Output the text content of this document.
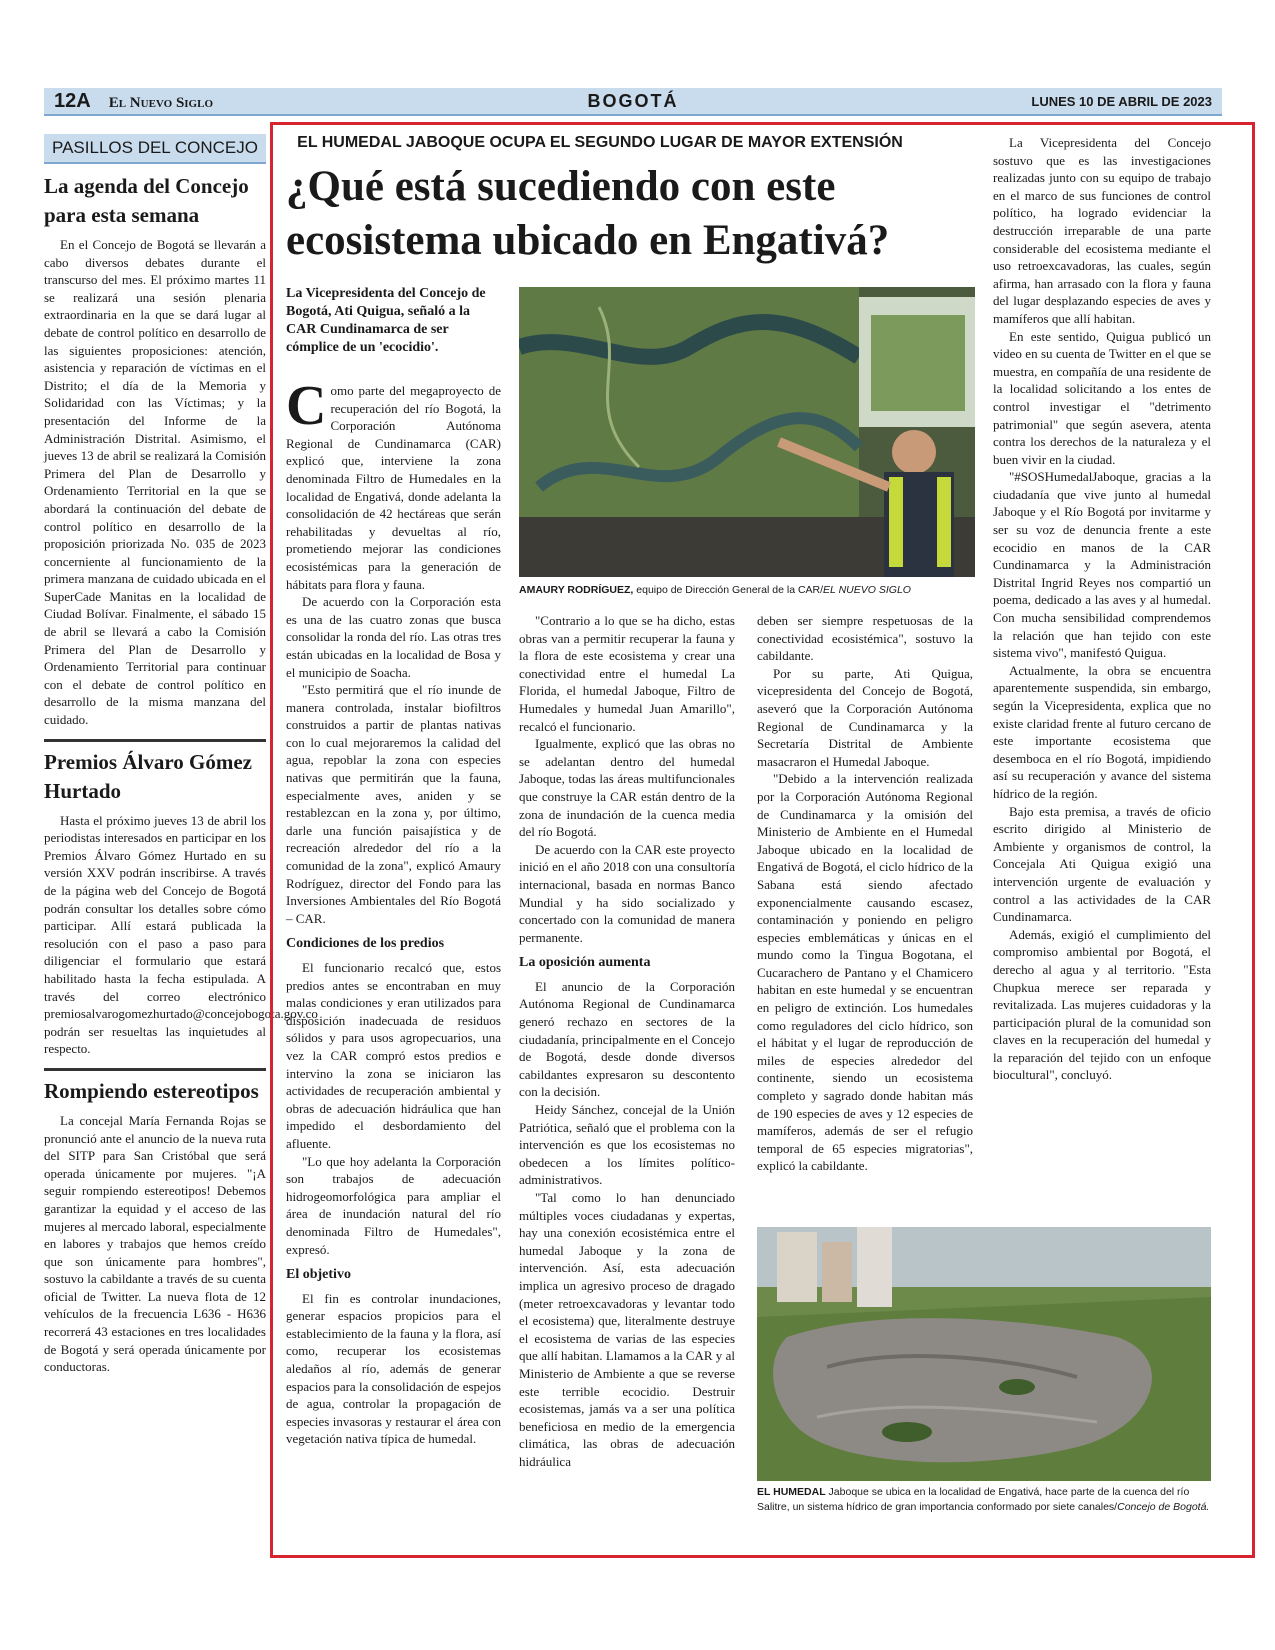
12A El Nuevo Siglo	BOGOTÁ	LUNES 10 DE ABRIL DE 2023
PASILLOS DEL CONCEJO
La agenda del Concejo para esta semana

En el Concejo de Bogotá se llevarán a cabo diversos debates durante el transcurso del mes. El próximo martes 11 se realizará una sesión plenaria extraordinaria en la que se dará lugar al debate de control político en desarrollo de las siguientes proposiciones: atención, asistencia y reparación de víctimas en el Distrito; el día de la Memoria y Solidaridad con las Víctimas; y la presentación del Informe de la Administración Distrital. Asimismo, el jueves 13 de abril se realizará la Comisión Primera del Plan de Desarrollo y Ordenamiento Territorial en la que se abordará la continuación del debate de control político en desarrollo de la proposición priorizada No. 035 de 2023 concerniente al funcionamiento de la primera manzana de cuidado ubicada en el SuperCade Manitas en la localidad de Ciudad Bolívar. Finalmente, el sábado 15 de abril se llevará a cabo la Comisión Primera del Plan de Desarrollo y Ordenamiento Territorial para continuar con el debate de control político en desarrollo de la misma manzana del cuidado.

Premios Álvaro Gómez Hurtado

Hasta el próximo jueves 13 de abril los periodistas interesados en participar en los Premios Álvaro Gómez Hurtado en su versión XXV podrán inscribirse. A través de la página web del Concejo de Bogotá podrán consultar los detalles sobre cómo participar. Allí estará publicada la resolución con el paso a paso para diligenciar el formulario que estará habilitado hasta la fecha estipulada. A través del correo electrónico premiosalvarogomezhurtado@concejobogota.gov.co podrán ser resueltas las inquietudes al respecto.

Rompiendo estereotipos

La concejal María Fernanda Rojas se pronunció ante el anuncio de la nueva ruta del SITP para San Cristóbal que será operada únicamente por mujeres. "¡A seguir rompiendo estereotipos! Debemos garantizar la equidad y el acceso de las mujeres al mercado laboral, especialmente en labores y trabajos que hemos creído que son únicamente para hombres", sostuvo la cabildante a través de su cuenta oficial de Twitter. La nueva flota de 12 vehículos de la frecuencia L636 - H636 recorrerá 43 estaciones en tres localidades de Bogotá y será operada únicamente por conductoras.

EL HUMEDAL JABOQUE OCUPA EL SEGUNDO LUGAR DE MAYOR EXTENSIÓN
¿Qué está sucediendo con este ecosistema ubicado en Engativá?
La Vicepresidenta del Concejo de Bogotá, Ati Quigua, señaló a la CAR Cundinamarca de ser cómplice de un 'ecocidio'.
AMAURY RODRÍGUEZ, equipo de Dirección General de la CAR/EL NUEVO SIGLO

Como parte del megaproyecto de recuperación del río Bogotá, la Corporación Autónoma Regional de Cundinamarca (CAR) explicó que, interviene la zona denominada Filtro de Humedales en la localidad de Engativá, donde adelanta la consolidación de 42 hectáreas que serán rehabilitadas y devueltas al río, prometiendo mejorar las condiciones ecosistémicas para la generación de hábitats para flora y fauna.

De acuerdo con la Corporación esta es una de las cuatro zonas que busca consolidar la ronda del río. Las otras tres están ubicadas en la localidad de Bosa y el municipio de Soacha.

"Esto permitirá que el río inunde de manera controlada, instalar biofiltros construidos a partir de plantas nativas con lo cual mejoraremos la calidad del agua, repoblar la zona con especies nativas que permitirán que la fauna, especialmente aves, aniden y se restablezcan en la zona y, por último, darle una función paisajística y de recreación alrededor del río a la comunidad de la zona", explicó Amaury Rodríguez, director del Fondo para las Inversiones Ambientales del Río Bogotá – CAR.

Condiciones de los predios

El funcionario recalcó que, estos predios antes se encontraban en muy malas condiciones y eran utilizados para disposición inadecuada de residuos sólidos y para usos agropecuarios, una vez la CAR compró estos predios e intervino la zona se iniciaron las actividades de recuperación ambiental y obras de adecuación hidráulica que han impedido el desbordamiento del afluente.

"Lo que hoy adelanta la Corporación son trabajos de adecuación hidrogeomorfológica para ampliar el área de inundación natural del río denominada Filtro de Humedales", expresó.

El objetivo

El fin es controlar inundaciones, generar espacios propicios para el establecimiento de la fauna y la flora, así como, recuperar los ecosistemas aledaños al río, además de generar espacios para la consolidación de espejos de agua, controlar la propagación de especies invasoras y restaurar el área con vegetación nativa típica de humedal.

"Contrario a lo que se ha dicho, estas obras van a permitir recuperar la fauna y la flora de este ecosistema y crear una conectividad entre el humedal La Florida, el humedal Jaboque, Filtro de Humedales y humedal Juan Amarillo", recalcó el funcionario.

Igualmente, explicó que las obras no se adelantan dentro del humedal Jaboque, todas las áreas multifuncionales que construye la CAR están dentro de la zona de inundación de la cuenca media del río Bogotá.

De acuerdo con la CAR este proyecto inició en el año 2018 con una consultoría internacional, basada en normas Banco Mundial y ha sido socializado y concertado con la comunidad de manera permanente.

La oposición aumenta

El anuncio de la Corporación Autónoma Regional de Cundinamarca generó rechazo en sectores de la ciudadanía, principalmente en el Concejo de Bogotá, desde donde diversos cabildantes expresaron su descontento con la decisión.

Heidy Sánchez, concejal de la Unión Patriótica, señaló que el problema con la intervención es que los ecosistemas no obedecen a los límites político-administrativos.

"Tal como lo han denunciado múltiples voces ciudadanas y expertas, hay una conexión ecosistémica entre el humedal Jaboque y la zona de intervención. Así, esta adecuación implica un agresivo proceso de dragado (meter retroexcavadoras y levantar todo el ecosistema) que, literalmente destruye el ecosistema de varias de las especies que allí habitan. Llamamos a la CAR y al Ministerio de Ambiente a que se reverse este terrible ecocidio. Destruir ecosistemas, jamás va a ser una política beneficiosa en medio de la emergencia climática, las obras de adecuación hidráulica

deben ser siempre respetuosas de la conectividad ecosistémica", sostuvo la cabildante.

Por su parte, Ati Quigua, vicepresidenta del Concejo de Bogotá, aseveró que la Corporación Autónoma Regional de Cundinamarca y la Secretaría Distrital de Ambiente masacraron el Humedal Jaboque.

"Debido a la intervención realizada por la Corporación Autónoma Regional de Cundinamarca y la omisión del Ministerio de Ambiente en el Humedal Jaboque ubicado en la localidad de Engativá de Bogotá, el ciclo hídrico de la Sabana está siendo afectado exponencialmente causando escasez, contaminación y poniendo en peligro especies emblemáticas y únicas en el mundo como la Tingua Bogotana, el Cucarachero de Pantano y el Chamicero habitan en este humedal y se encuentran en peligro de extinción. Los humedales como reguladores del ciclo hídrico, son el hábitat y el lugar de reproducción de miles de especies alrededor del continente, siendo un ecosistema completo y sagrado donde habitan más de 190 especies de aves y 12 especies de mamíferos, además de ser el refugio temporal de 65 especies migratorias", explicó la cabildante.

La Vicepresidenta del Concejo sostuvo que es las investigaciones realizadas junto con su equipo de trabajo en el marco de sus funciones de control político, ha logrado evidenciar la destrucción irreparable de una parte considerable del ecosistema mediante el uso retroexcavadoras, las cuales, según afirma, han arrasado con la flora y fauna del lugar desplazando especies de aves y mamíferos que allí habitan.

En este sentido, Quigua publicó un video en su cuenta de Twitter en el que se muestra, en compañía de una residente de la localidad solicitando a los entes de control investigar el "detrimento patrimonial" que según asevera, atenta contra los derechos de la naturaleza y el buen vivir en la ciudad.

"#SOSHumedalJaboque, gracias a la ciudadanía que vive junto al humedal Jaboque y el Río Bogotá por invitarme y ser su voz de denuncia frente a este ecocidio en manos de la CAR Cundinamarca y la Administración Distrital Ingrid Reyes nos compartió un poema, dedicado a las aves y al humedal. Con mucha sensibilidad comprendemos la relación que han tejido con este sistema vivo", manifestó Quigua.

Actualmente, la obra se encuentra aparentemente suspendida, sin embargo, según la Vicepresidenta, explica que no existe claridad frente al futuro cercano de este importante ecosistema que desemboca en el río Bogotá, impidiendo así su recuperación y avance del sistema hídrico de la región.

Bajo esta premisa, a través de oficio escrito dirigido al Ministerio de Ambiente y organismos de control, la Concejala Ati Quigua exigió una intervención urgente de evaluación y control a las actividades de la CAR Cundinamarca.

Además, exigió el cumplimiento del compromiso ambiental por Bogotá, el derecho al agua y al territorio. "Esta Chupkua merece ser reparada y revitalizada. Las mujeres cuidadoras y la participación plural de la comunidad son claves en la recuperación del humedal y la reparación del tejido con un enfoque biocultural", concluyó.

EL HUMEDAL Jaboque se ubica en la localidad de Engativá, hace parte de la cuenca del río Salitre, un sistema hídrico de gran importancia conformado por siete canales/Concejo de Bogotá.
